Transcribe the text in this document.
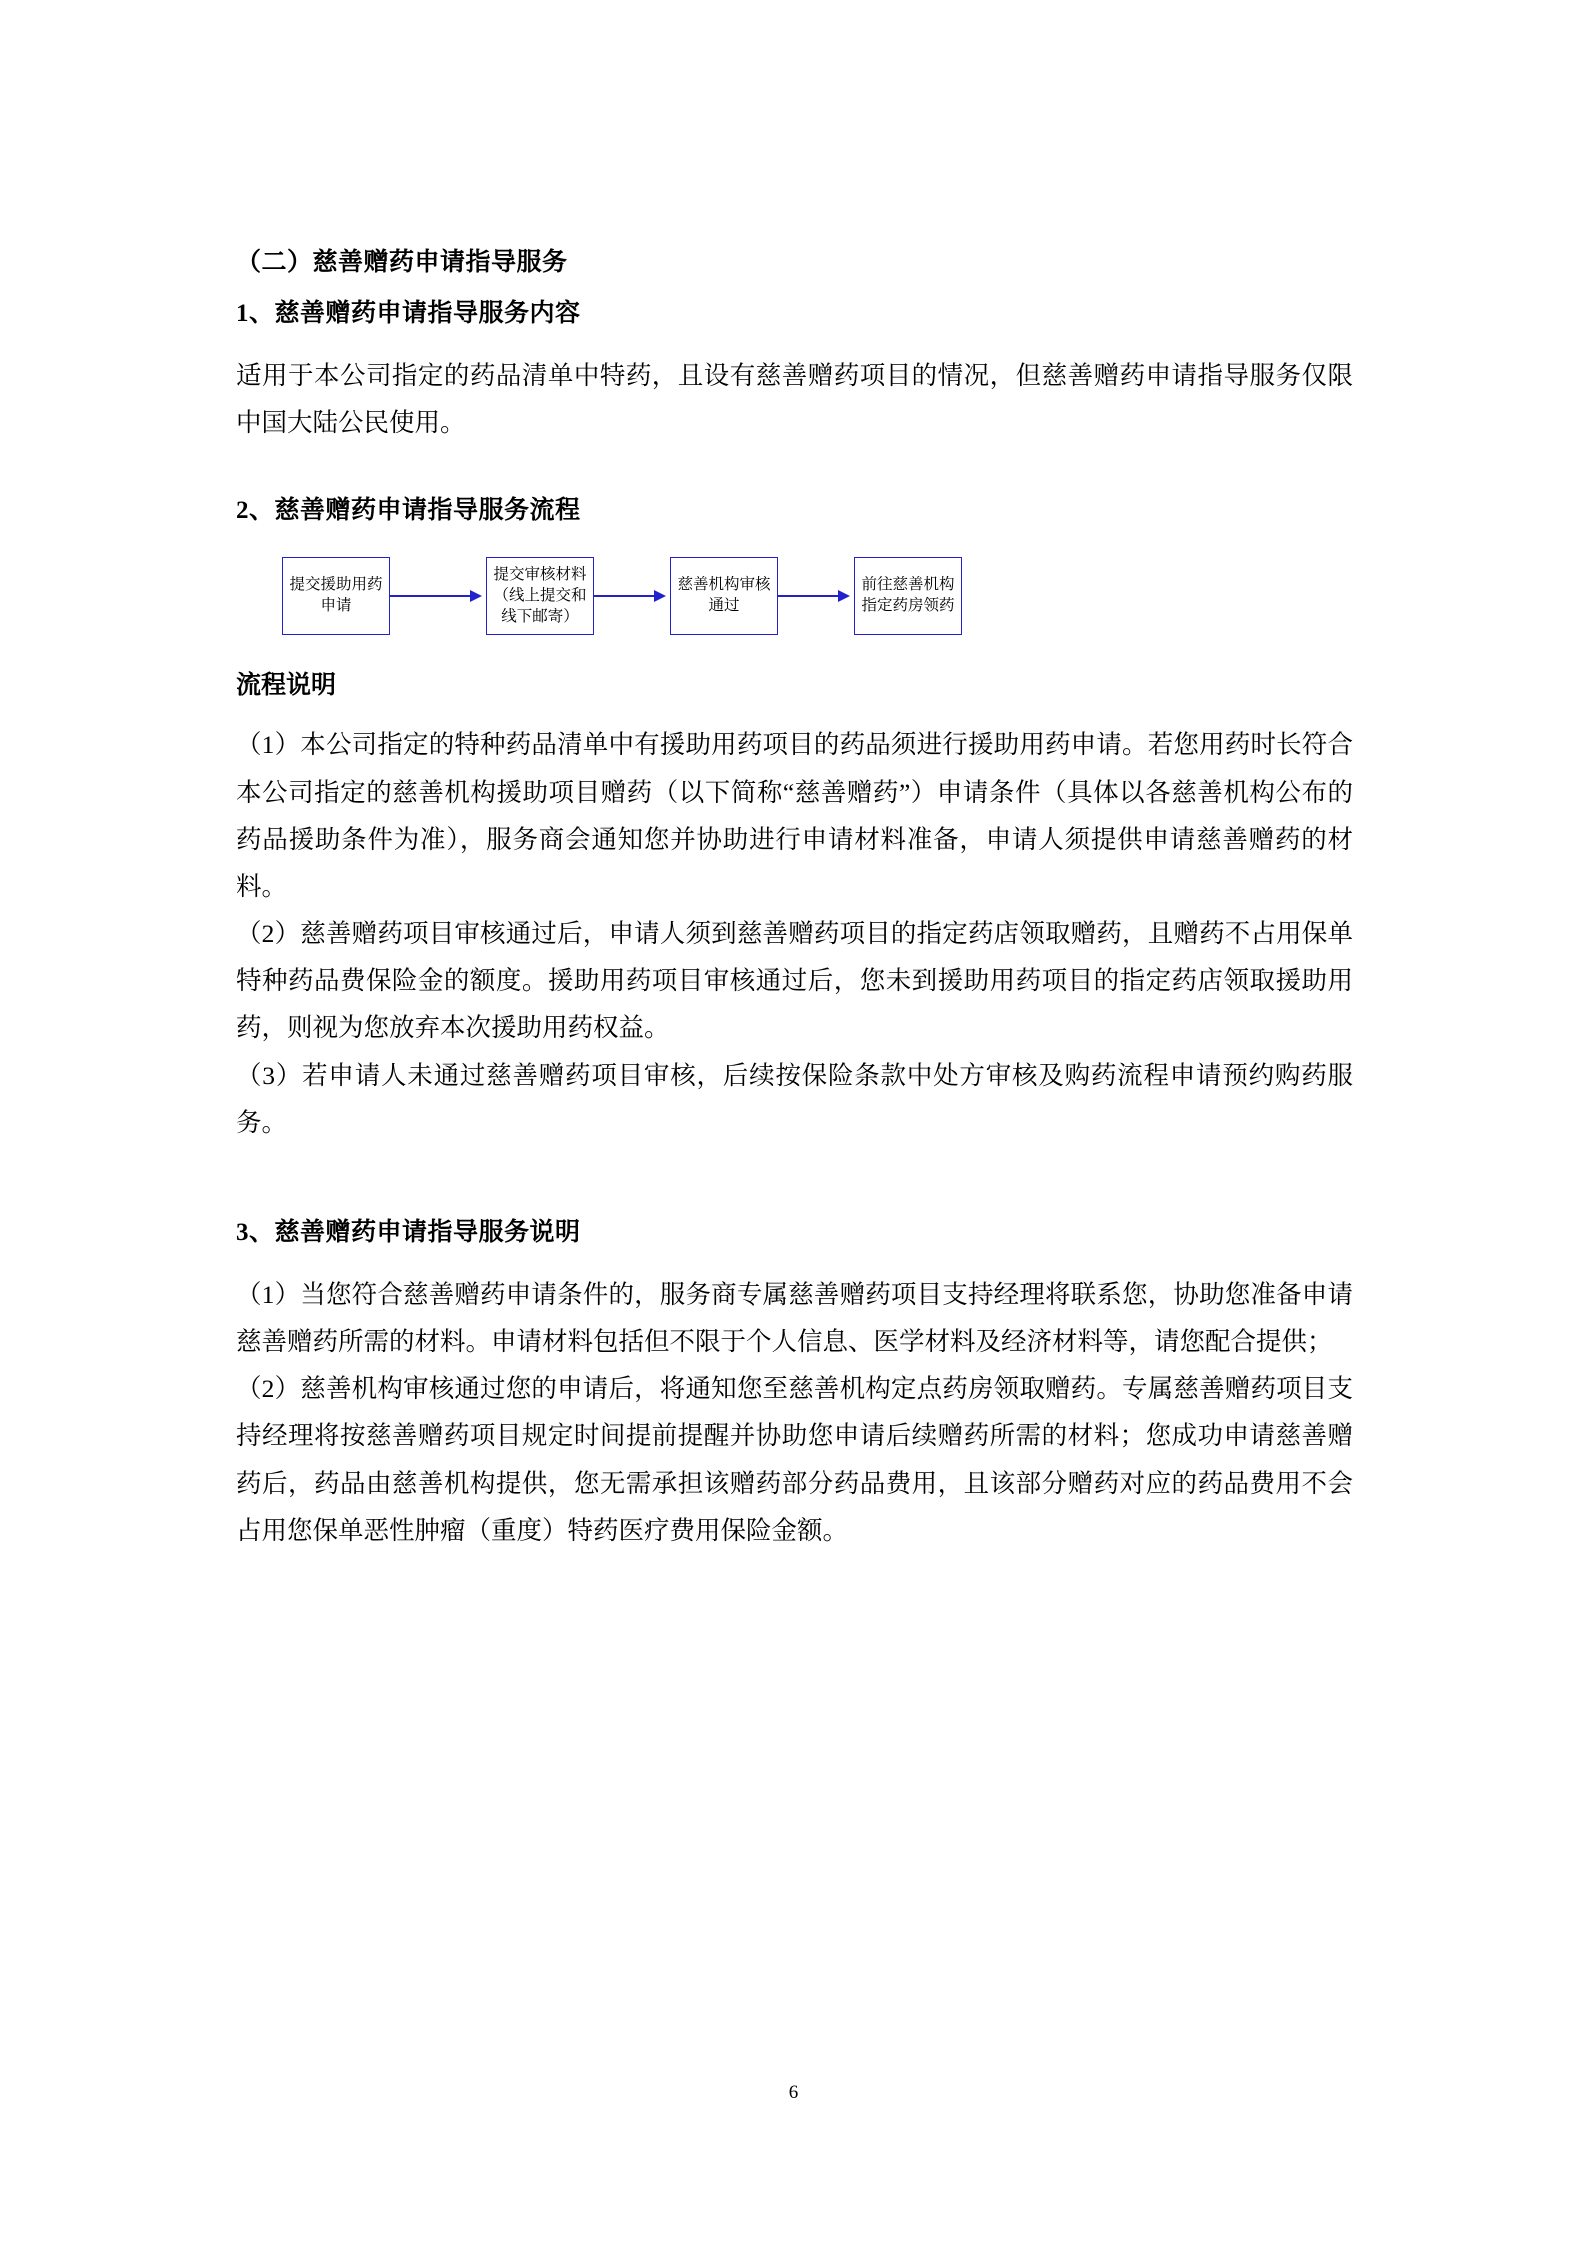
（二）慈善赠药申请指导服务
1、慈善赠药申请指导服务内容

适用于本公司指定的药品清单中特药，且设有慈善赠药项目的情况，但慈善赠药申请指导服务仅限中国大陆公民使用。

2、慈善赠药申请指导服务流程
提交援助用药申请
提交审核材料（线上提交和线下邮寄）
慈善机构审核通过
前往慈善机构指定药房领药
流程说明

（1）本公司指定的特种药品清单中有援助用药项目的药品须进行援助用药申请。若您用药时长符合本公司指定的慈善机构援助项目赠药（以下简称“慈善赠药”）申请条件（具体以各慈善机构公布的药品援助条件为准），服务商会通知您并协助进行申请材料准备，申请人须提供申请慈善赠药的材料。

（2）慈善赠药项目审核通过后，申请人须到慈善赠药项目的指定药店领取赠药，且赠药不占用保单特种药品费保险金的额度。援助用药项目审核通过后，您未到援助用药项目的指定药店领取援助用药，则视为您放弃本次援助用药权益。

（3）若申请人未通过慈善赠药项目审核，后续按保险条款中处方审核及购药流程申请预约购药服务。

3、慈善赠药申请指导服务说明

（1）当您符合慈善赠药申请条件的，服务商专属慈善赠药项目支持经理将联系您，协助您准备申请慈善赠药所需的材料。申请材料包括但不限于个人信息、医学材料及经济材料等，请您配合提供；

（2）慈善机构审核通过您的申请后，将通知您至慈善机构定点药房领取赠药。专属慈善赠药项目支持经理将按慈善赠药项目规定时间提前提醒并协助您申请后续赠药所需的材料；您成功申请慈善赠药后，药品由慈善机构提供，您无需承担该赠药部分药品费用，且该部分赠药对应的药品费用不会占用您保单恶性肿瘤（重度）特药医疗费用保险金额。

6
